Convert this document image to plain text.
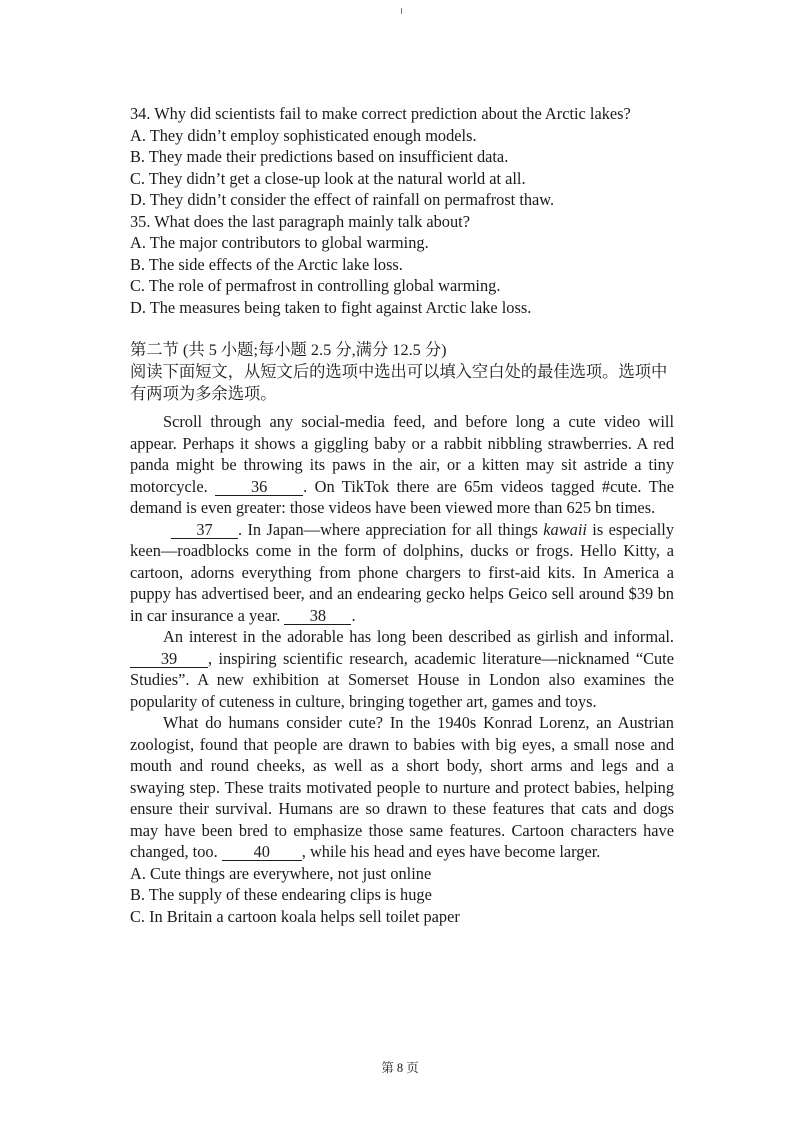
34. Why did scientists fail to make correct prediction about the Arctic lakes?
A. They didn’t employ sophisticated enough models.
B. They made their predictions based on insufficient data.
C. They didn’t get a close-up look at the natural world at all.
D. They didn’t consider the effect of rainfall on permafrost thaw.
35. What does the last paragraph mainly talk about?
A. The major contributors to global warming.
B. The side effects of the Arctic lake loss.
C. The role of permafrost in controlling global warming.
D. The measures being taken to fight against Arctic lake loss.
第二节 (共 5 小题;每小题 2.5 分,满分 12.5 分)
阅读下面短文，从短文后的选项中选出可以填入空白处的最佳选项。选项中有两项为多余选项。

Scroll through any social-media feed, and before long a cute video will appear. Perhaps it shows a giggling baby or a rabbit nibbling strawberries. A red panda might be throwing its paws in the air, or a kitten may sit astride a tiny motorcycle. 36 . On TikTok there are 65m videos tagged #cute. The demand is even greater: those videos have been viewed more than 625 bn times.

37 . In Japan—where appreciation for all things kawaii is especially keen—roadblocks come in the form of dolphins, ducks or frogs. Hello Kitty, a cartoon, adorns everything from phone chargers to first-aid kits. In America a puppy has advertised beer, and an endearing gecko helps Geico sell around $39 bn in car insurance a year. 38 .

An interest in the adorable has long been described as girlish and informal. 39 , inspiring scientific research, academic literature—nicknamed “Cute Studies”. A new exhibition at Somerset House in London also examines the popularity of cuteness in culture, bringing together art, games and toys.

What do humans consider cute? In the 1940s Konrad Lorenz, an Austrian zoologist, found that people are drawn to babies with big eyes, a small nose and mouth and round cheeks, as well as a short body, short arms and legs and a swaying step. These traits motivated people to nurture and protect babies, helping ensure their survival. Humans are so drawn to these features that cats and dogs may have been bred to emphasize those same features. Cartoon characters have changed, too. 40 , while his head and eyes have become larger.

A. Cute things are everywhere, not just online
B. The supply of these endearing clips is huge
C. In Britain a cartoon koala helps sell toilet paper
第 8 页
